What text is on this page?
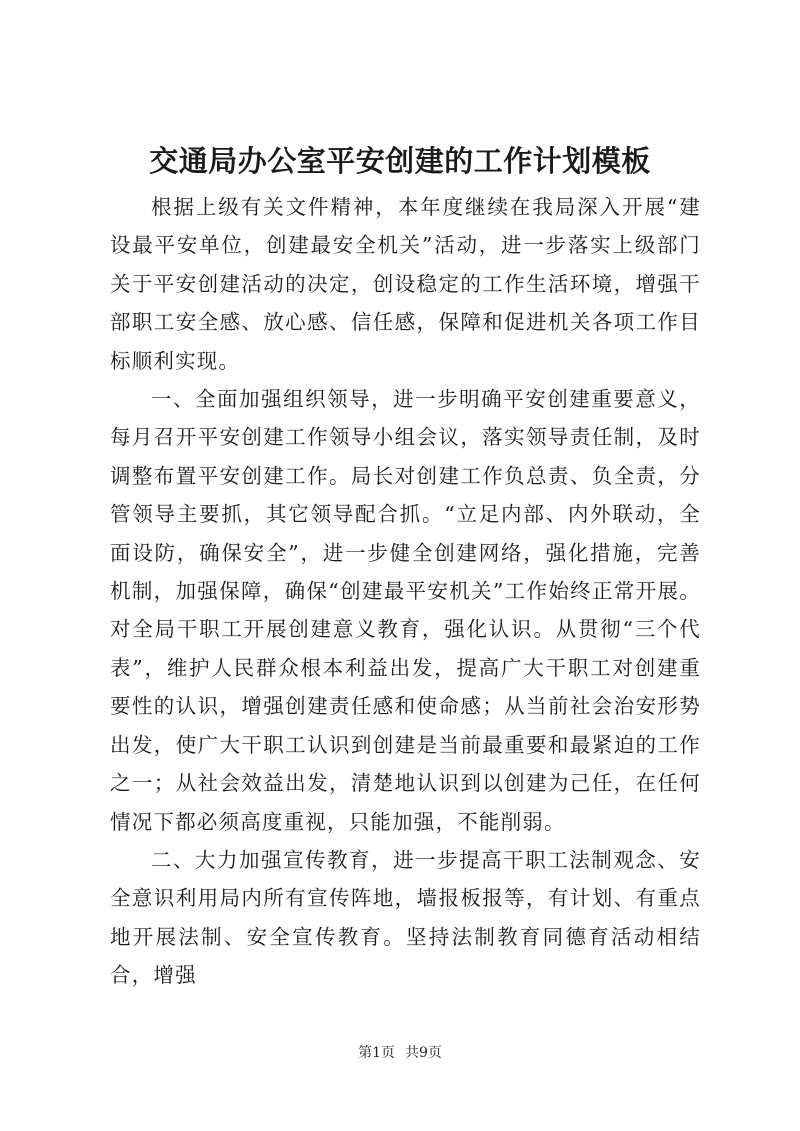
交通局办公室平安创建的工作计划模板

根据上级有关文件精神，本年度继续在我局深入开展“建设最平安单位，创建最安全机关”活动，进一步落实上级部门关于平安创建活动的决定，创设稳定的工作生活环境，增强干部职工安全感、放心感、信任感，保障和促进机关各项工作目标顺利实现。

一、全面加强组织领导，进一步明确平安创建重要意义，每月召开平安创建工作领导小组会议，落实领导责任制，及时调整布置平安创建工作。局长对创建工作负总责、负全责，分管领导主要抓，其它领导配合抓。“立足内部、内外联动，全面设防，确保安全”，进一步健全创建网络，强化措施，完善机制，加强保障，确保“创建最平安机关”工作始终正常开展。对全局干职工开展创建意义教育，强化认识。从贯彻“三个代表”，维护人民群众根本利益出发，提高广大干职工对创建重要性的认识，增强创建责任感和使命感；从当前社会治安形势出发，使广大干职工认识到创建是当前最重要和最紧迫的工作之一；从社会效益出发，清楚地认识到以创建为己任，在任何情况下都必须高度重视，只能加强，不能削弱。

二、大力加强宣传教育，进一步提高干职工法制观念、安全意识利用局内所有宣传阵地，墙报板报等，有计划、有重点地开展法制、安全宣传教育。坚持法制教育同德育活动相结合，增强

第1页 共9页
